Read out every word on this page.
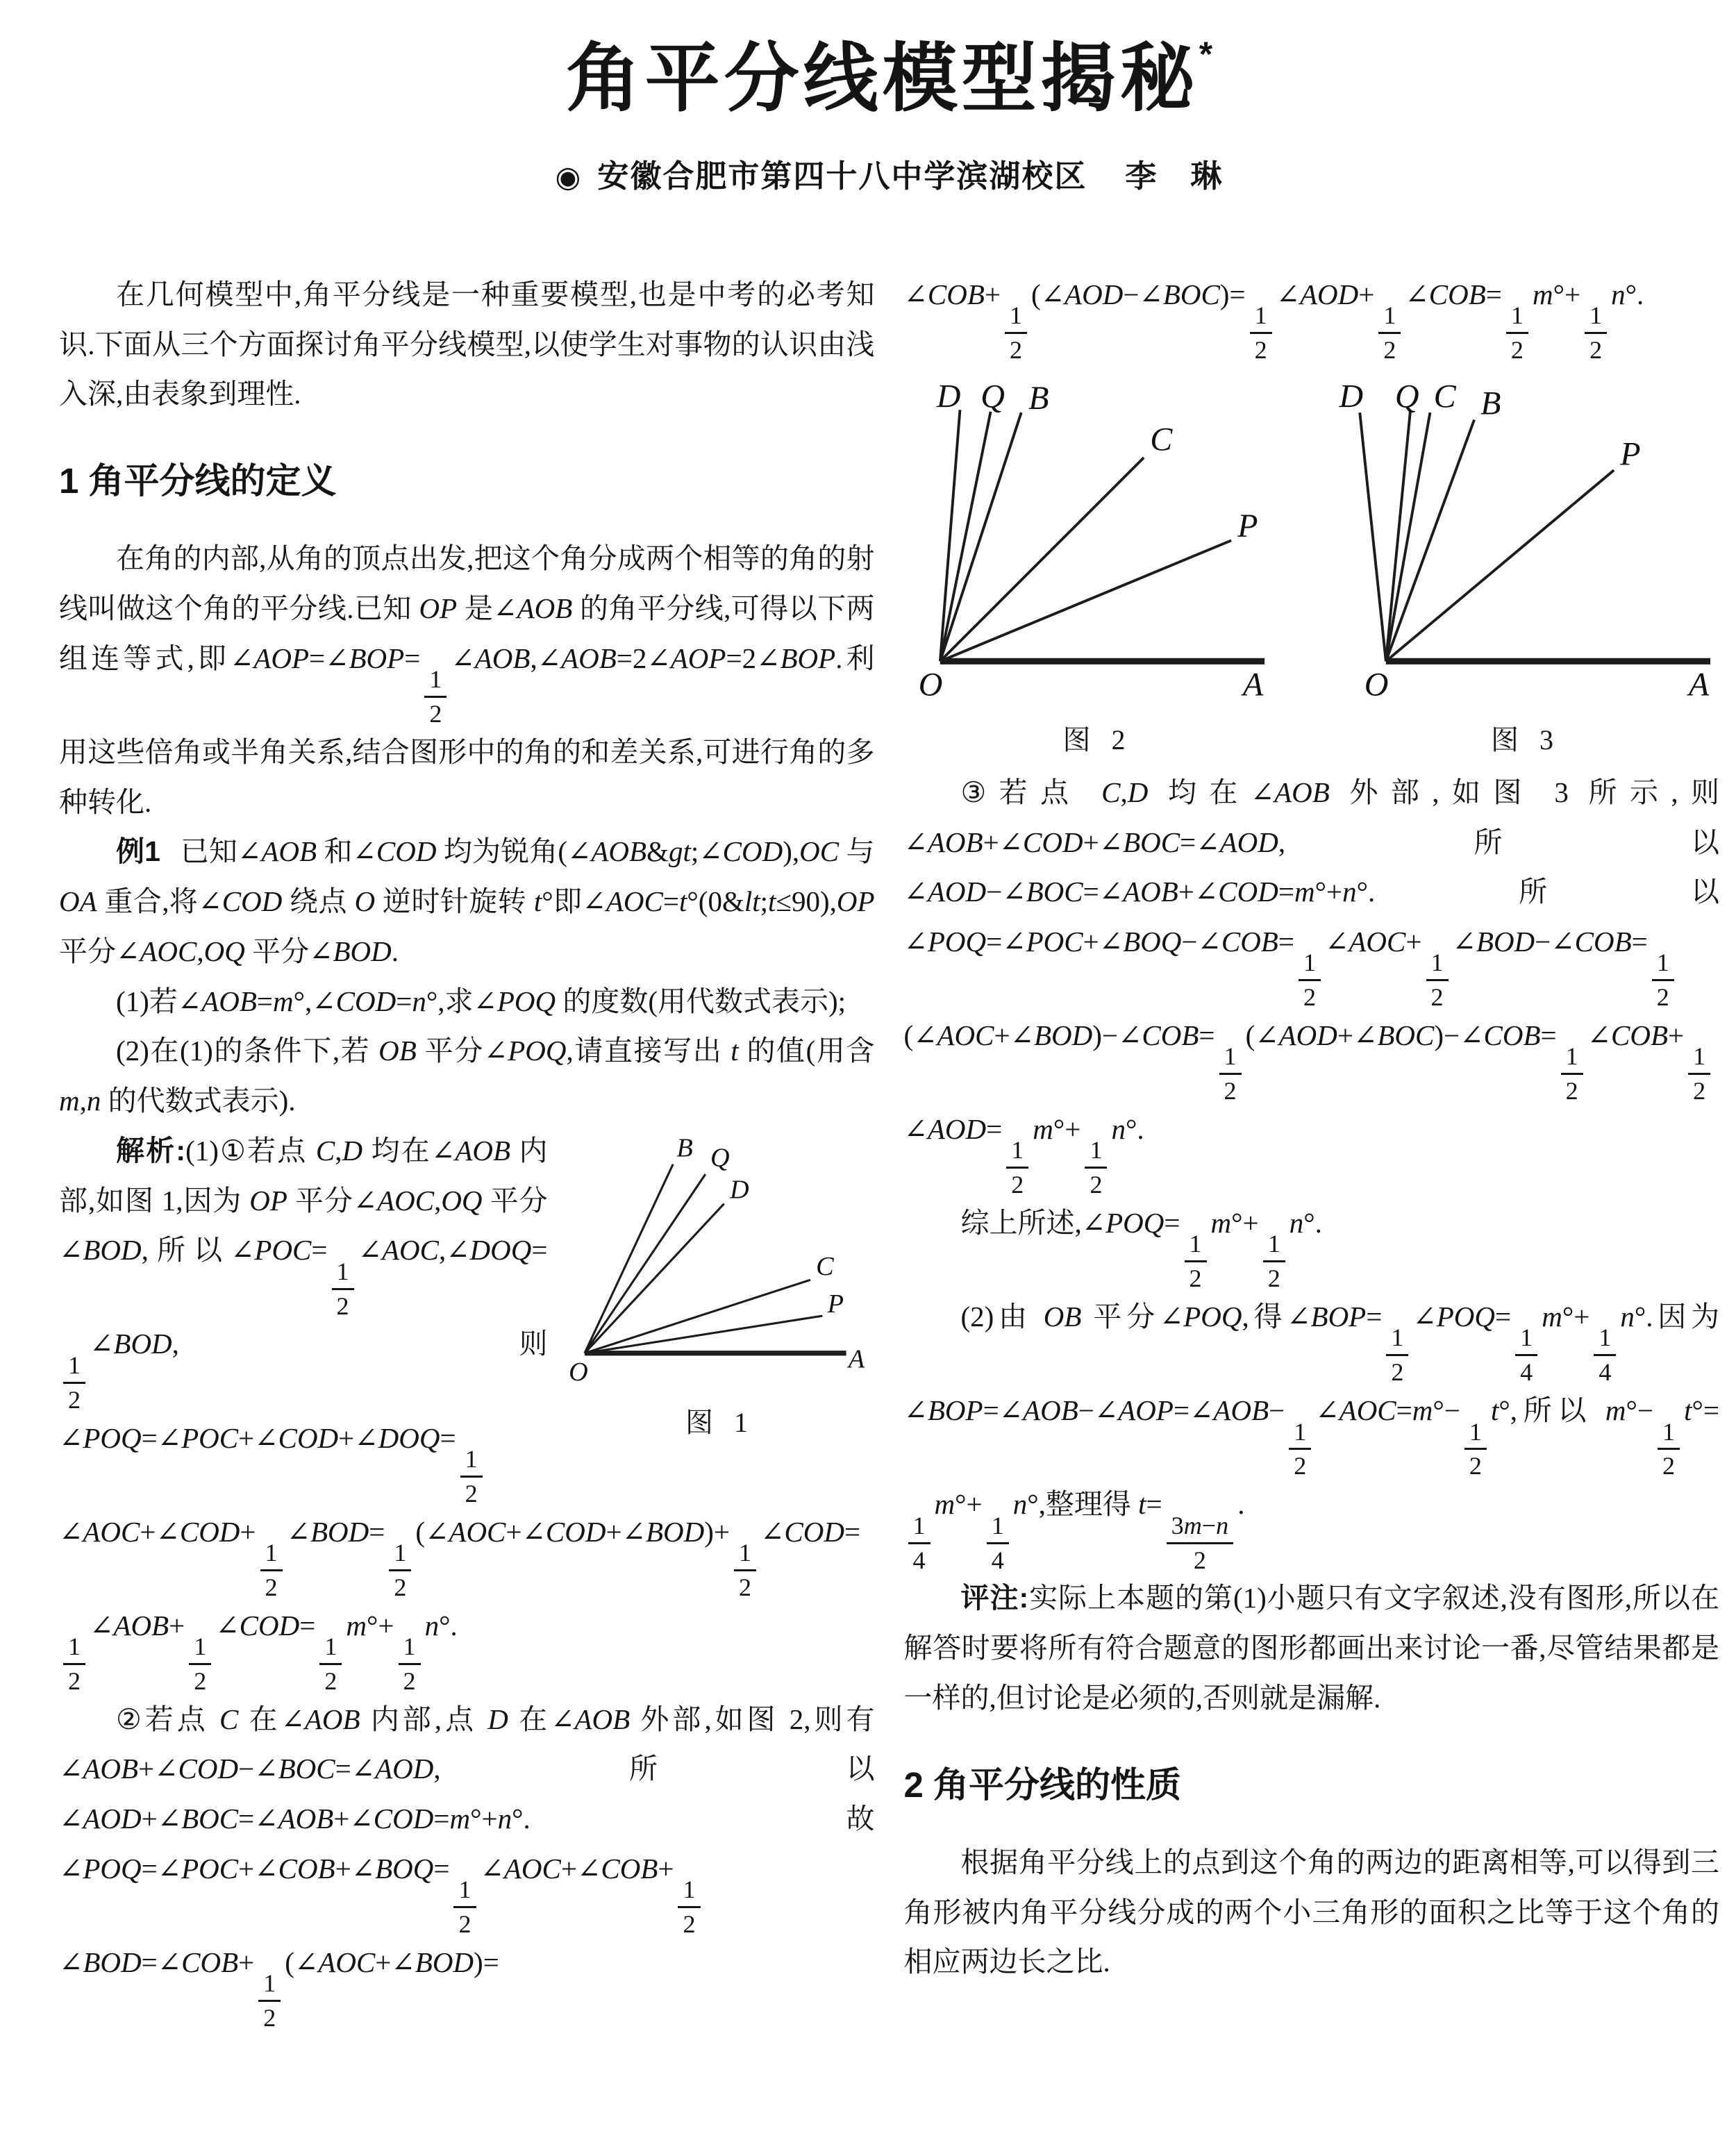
角平分线模型揭秘*
◉ 安徽合肥市第四十八中学滨湖校区 李　琳

在几何模型中,角平分线是一种重要模型,也是中考的必考知识.下面从三个方面探讨角平分线模型,以使学生对事物的认识由浅入深,由表象到理性.

1 角平分线的定义

在角的内部,从角的顶点出发,把这个角分成两个相等的角的射线叫做这个角的平分线.已知 OP 是∠AOB 的角平分线,可得以下两组连等式,即∠AOP=∠BOP=
$\frac{1}{2}$
∠AOB,∠AOB=2∠AOP=2∠BOP.利用这些倍角或半角关系,结合图形中的角的和差关系,可进行角的多种转化.

例1 已知∠AOB 和∠COD 均为锐角(∠AOB&gt;∠COD),OC 与 OA 重合,将∠COD 绕点 O 逆时针旋转 t°即∠AOC=t°(0&lt;t≤90),OP 平分∠AOC,OQ 平分∠BOD.

(1)若∠AOB=m°,∠COD=n°,求∠POQ 的度数(用代数式表示);

(2)在(1)的条件下,若 OB 平分∠POQ,请直接写出 t 的值(用含 m,n 的代数式表示).

O	A
P
C
D
Q
B
图 1

解析:(1)①若点 C,D 均在∠AOB 内部,如图 1,因为 OP 平分∠AOC,OQ 平分∠BOD,所以∠POC=
$\frac{1}{2}$
∠AOC,∠DOQ=
$\frac{1}{2}$
∠BOD,则∠POQ=∠POC+∠COD+∠DOQ=
$\frac{1}{2}$
∠AOC+∠COD+
$\frac{1}{2}$
∠BOD=
$\frac{1}{2}$
(∠AOC+∠COD+∠BOD)+
$\frac{1}{2}$
∠COD=
$\frac{1}{2}$
∠AOB+
$\frac{1}{2}$
∠COD=
$\frac{1}{2}$
m°+
$\frac{1}{2}$
n°.

②若点 C 在∠AOB 内部,点 D 在∠AOB 外部,如图 2,则有∠AOB+∠COD−∠BOC=∠AOD,所以∠AOD+∠BOC=∠AOB+∠COD=m°+n°.故∠POQ=∠POC+∠COB+∠BOQ=
$\frac{1}{2}$
∠AOC+∠COB+
$\frac{1}{2}$
∠BOD=∠COB+
$\frac{1}{2}$
(∠AOC+∠BOD)=

∠COB+
$\frac{1}{2}$
(∠AOD−∠BOC)=
$\frac{1}{2}$
∠AOD+
$\frac{1}{2}$
∠COB=
$\frac{1}{2}$
m°+
$\frac{1}{2}$
n°.

O	A
P
C
B
Q
D
图 2
O	A
P
B
C
Q
D
图 3

③若点 C,D 均在∠AOB 外部,如图 3 所示,则∠AOB+∠COD+∠BOC=∠AOD,所以∠AOD−∠BOC=∠AOB+∠COD=m°+n°.所以∠POQ=∠POC+∠BOQ−∠COB=
$\frac{1}{2}$
∠AOC+
$\frac{1}{2}$
∠BOD−∠COB=
$\frac{1}{2}$
(∠AOC+∠BOD)−∠COB=
$\frac{1}{2}$
(∠AOD+∠BOC)−∠COB=
$\frac{1}{2}$
∠COB+
$\frac{1}{2}$
∠AOD=
$\frac{1}{2}$
m°+
$\frac{1}{2}$
n°.

综上所述,∠POQ=
$\frac{1}{2}$
m°+
$\frac{1}{2}$
n°.

(2)由 OB 平分∠POQ,得∠BOP=
$\frac{1}{2}$
∠POQ=
$\frac{1}{4}$
m°+
$\frac{1}{4}$
n°.因为∠BOP=∠AOB−∠AOP=∠AOB−
$\frac{1}{2}$
∠AOC=m°−
$\frac{1}{2}$
t°,所以 m°−
$\frac{1}{2}$
t°=
$\frac{1}{4}$
m°+
$\frac{1}{4}$
n°,整理得 t=
$\frac{3m-n}{2}$
.

评注:实际上本题的第(1)小题只有文字叙述,没有图形,所以在解答时要将所有符合题意的图形都画出来讨论一番,尽管结果都是一样的,但讨论是必须的,否则就是漏解.

2 角平分线的性质

根据角平分线上的点到这个角的两边的距离相等,可以得到三角形被内角平分线分成的两个小三角形的面积之比等于这个角的相应两边长之比.
